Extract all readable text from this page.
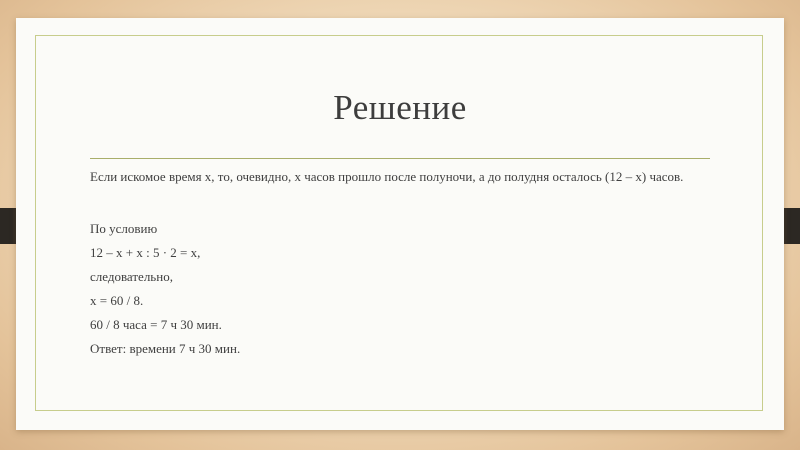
Решение

Если искомое время x, то, очевидно, x часов прошло после полуночи, а до полудня осталось (12 – x) часов.

По условию

12 – x + x : 5 · 2 = x,

следовательно,

x = 60 / 8.

60 / 8 часа = 7 ч 30 мин.

Ответ: времени 7 ч 30 мин.
